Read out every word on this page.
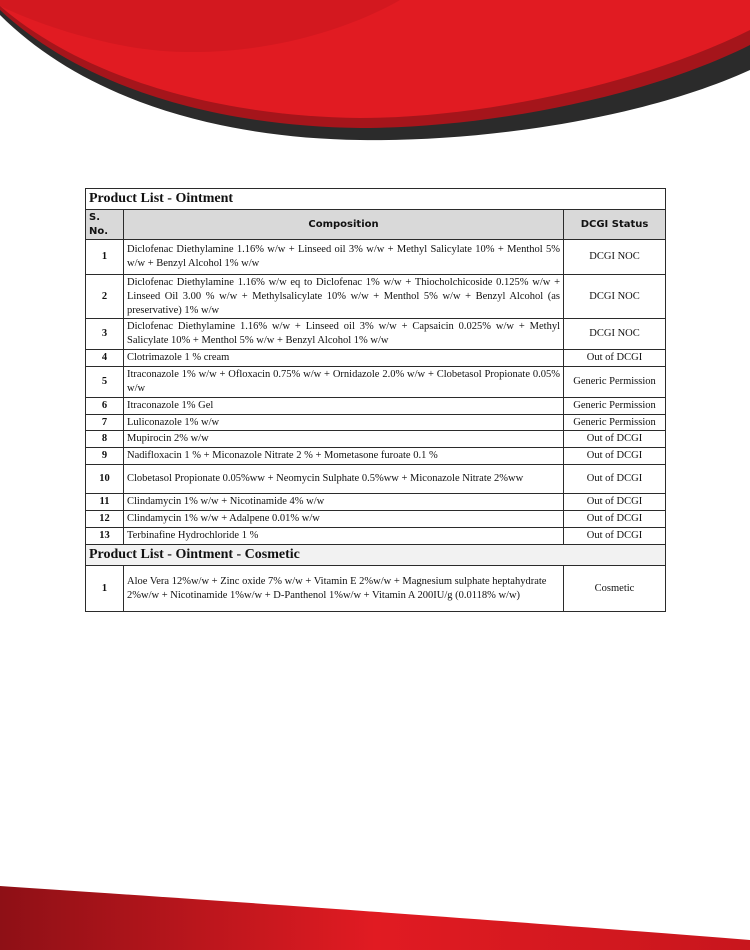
Product List - Ointment		
S. No.	Composition	DCGI Status
1	Diclofenac Diethylamine 1.16% w/w + Linseed oil 3% w/w + Methyl Salicylate 10% + Menthol 5% w/w + Benzyl Alcohol 1% w/w	DCGI NOC
2	Diclofenac Diethylamine 1.16% w/w eq to Diclofenac 1% w/w + Thiocholchicoside 0.125% w/w + Linseed Oil 3.00 % w/w + Methylsalicylate 10% w/w + Menthol 5% w/w + Benzyl Alcohol (as preservative) 1% w/w	DCGI NOC
3	Diclofenac Diethylamine 1.16% w/w + Linseed oil 3% w/w + Capsaicin 0.025% w/w + Methyl Salicylate 10% + Menthol 5% w/w + Benzyl Alcohol 1% w/w	DCGI NOC
4	Clotrimazole 1 % cream	Out of DCGI
5	Itraconazole 1% w/w + Ofloxacin 0.75% w/w + Ornidazole 2.0% w/w + Clobetasol Propionate 0.05% w/w	Generic Permission
6	Itraconazole 1% Gel	Generic Permission
7	Luliconazole 1% w/w	Generic Permission
8	Mupirocin 2% w/w	Out of DCGI
9	Nadifloxacin 1 % + Miconazole Nitrate 2 % + Mometasone furoate 0.1 %	Out of DCGI
10	Clobetasol Propionate 0.05%ww + Neomycin Sulphate 0.5%ww + Miconazole Nitrate 2%ww	Out of DCGI
11	Clindamycin 1% w/w + Nicotinamide 4% w/w	Out of DCGI
12	Clindamycin 1% w/w + Adalpene 0.01% w/w	Out of DCGI
13	Terbinafine Hydrochloride 1 %	Out of DCGI
Product List - Ointment - Cosmetic		
1	Aloe Vera 12%w/w + Zinc oxide 7% w/w + Vitamin E 2%w/w + Magnesium sulphate heptahydrate 2%w/w + Nicotinamide 1%w/w + D-Panthenol 1%w/w + Vitamin A 200IU/g (0.0118% w/w)	Cosmetic
